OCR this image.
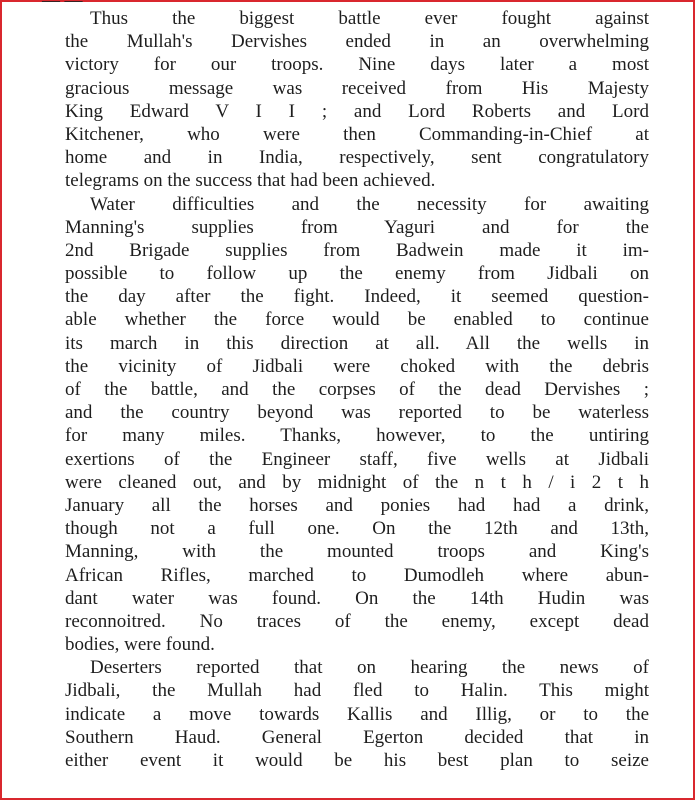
— —
Thus the biggest battle ever fought against
the Mullah's Dervishes ended in an overwhelming
victory for our troops. Nine days later a most
gracious message was received from His Majesty
King Edward V I I ; and Lord Roberts and Lord
Kitchener, who were then Commanding-in-Chief at
home and in India, respectively, sent congratulatory
telegrams on the success that had been achieved.
Water difficulties and the necessity for awaiting
Manning's supplies from Yaguri and for the
2nd Brigade supplies from Badwein made it im-
possible to follow up the enemy from Jidbali on
the day after the fight. Indeed, it seemed question-
able whether the force would be enabled to continue
its march in this direction at all. All the wells in
the vicinity of Jidbali were choked with the debris
of the battle, and the corpses of the dead Dervishes ;
and the country beyond was reported to be waterless
for many miles. Thanks, however, to the untiring
exertions of the Engineer staff, five wells at Jidbali
were cleaned out, and by midnight of the n t h / i 2 t h
January all the horses and ponies had had a drink,
though not a full one. On the 12th and 13th,
Manning, with the mounted troops and King's
African Rifles, marched to Dumodleh where abun-
dant water was found. On the 14th Hudin was
reconnoitred. No traces of the enemy, except dead
bodies, were found.
Deserters reported that on hearing the news of
Jidbali, the Mullah had fled to Halin. This might
indicate a move towards Kallis and Illig, or to the
Southern Haud. General Egerton decided that in
either event it would be his best plan to seize
